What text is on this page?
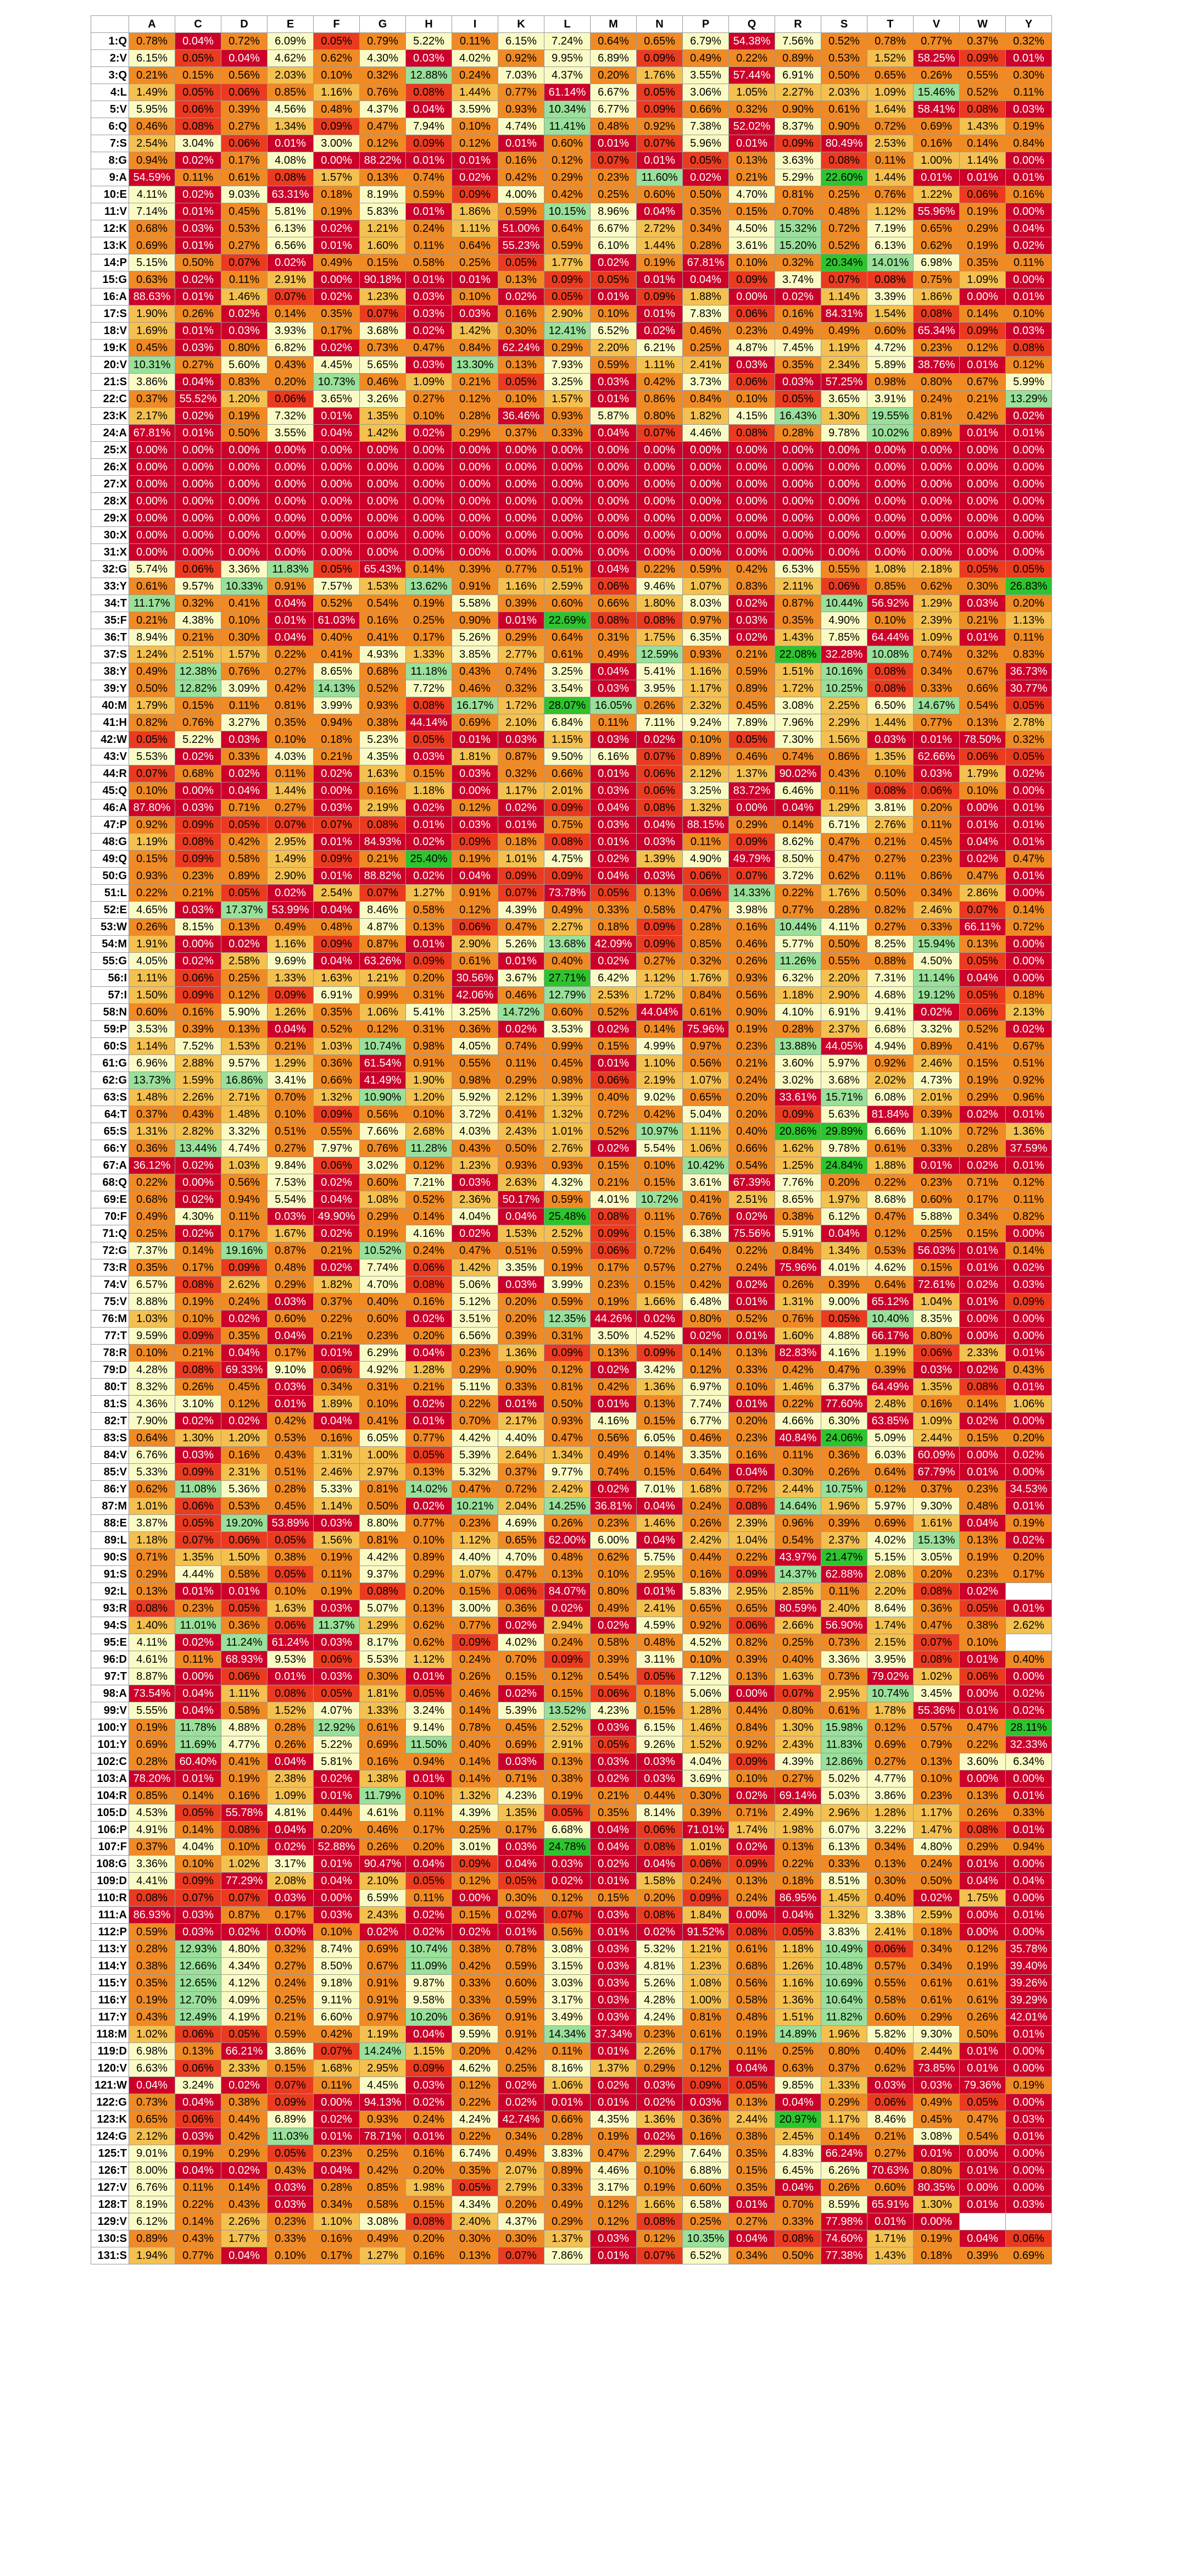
	A	C	D	E	F	G	H	I	K	L	M	N	P	Q	R	S	T	V	W	Y
1:Q	0.78%	0.04%	0.72%	6.09%	0.05%	0.79%	5.22%	0.11%	6.15%	7.24%	0.64%	0.65%	6.79%	54.38%	7.56%	0.52%	0.78%	0.77%	0.37%	0.32%
2:V	6.15%	0.05%	0.04%	4.62%	0.62%	4.30%	0.03%	4.02%	0.92%	9.95%	6.89%	0.09%	0.49%	0.22%	0.89%	0.53%	1.52%	58.25%	0.09%	0.01%
3:Q	0.21%	0.15%	0.56%	2.03%	0.10%	0.32%	12.88%	0.24%	7.03%	4.37%	0.20%	1.76%	3.55%	57.44%	6.91%	0.50%	0.65%	0.26%	0.55%	0.30%
4:L	1.49%	0.05%	0.06%	0.85%	1.16%	0.76%	0.08%	1.44%	0.77%	61.14%	6.67%	0.05%	3.06%	1.05%	2.27%	2.03%	1.09%	15.46%	0.52%	0.11%
5:V	5.95%	0.06%	0.39%	4.56%	0.48%	4.37%	0.04%	3.59%	0.93%	10.34%	6.77%	0.09%	0.66%	0.32%	0.90%	0.61%	1.64%	58.41%	0.08%	0.03%
6:Q	0.46%	0.08%	0.27%	1.34%	0.09%	0.47%	7.94%	0.10%	4.74%	11.41%	0.48%	0.92%	7.38%	52.02%	8.37%	0.90%	0.72%	0.69%	1.43%	0.19%
7:S	2.54%	3.04%	0.06%	0.01%	3.00%	0.12%	0.09%	0.12%	0.01%	0.60%	0.01%	0.07%	5.96%	0.01%	0.09%	80.49%	2.53%	0.16%	0.14%	0.84%
8:G	0.94%	0.02%	0.17%	4.08%	0.00%	88.22%	0.01%	0.01%	0.16%	0.12%	0.07%	0.01%	0.05%	0.13%	3.63%	0.08%	0.11%	1.00%	1.14%	0.00%
9:A	54.59%	0.11%	0.61%	0.08%	1.57%	0.13%	0.74%	0.02%	0.42%	0.29%	0.23%	11.60%	0.02%	0.21%	5.29%	22.60%	1.44%	0.01%	0.01%	0.01%
10:E	4.11%	0.02%	9.03%	63.31%	0.18%	8.19%	0.59%	0.09%	4.00%	0.42%	0.25%	0.60%	0.50%	4.70%	0.81%	0.25%	0.76%	1.22%	0.06%	0.16%
11:V	7.14%	0.01%	0.45%	5.81%	0.19%	5.83%	0.01%	1.86%	0.59%	10.15%	8.96%	0.04%	0.35%	0.15%	0.70%	0.48%	1.12%	55.96%	0.19%	0.00%
12:K	0.68%	0.03%	0.53%	6.13%	0.02%	1.21%	0.24%	1.11%	51.00%	0.64%	6.67%	2.72%	0.34%	4.50%	15.32%	0.72%	7.19%	0.65%	0.29%	0.04%
13:K	0.69%	0.01%	0.27%	6.56%	0.01%	1.60%	0.11%	0.64%	55.23%	0.59%	6.10%	1.44%	0.28%	3.61%	15.20%	0.52%	6.13%	0.62%	0.19%	0.02%
14:P	5.15%	0.50%	0.07%	0.02%	0.49%	0.15%	0.58%	0.25%	0.05%	1.77%	0.02%	0.19%	67.81%	0.10%	0.32%	20.34%	14.01%	6.98%	0.35%	0.11%
15:G	0.63%	0.02%	0.11%	2.91%	0.00%	90.18%	0.01%	0.01%	0.13%	0.09%	0.05%	0.01%	0.04%	0.09%	3.74%	0.07%	0.08%	0.75%	1.09%	0.00%
16:A	88.63%	0.01%	1.46%	0.07%	0.02%	1.23%	0.03%	0.10%	0.02%	0.05%	0.01%	0.09%	1.88%	0.00%	0.02%	1.14%	3.39%	1.86%	0.00%	0.01%
17:S	1.90%	0.26%	0.02%	0.14%	0.35%	0.07%	0.03%	0.03%	0.16%	2.90%	0.10%	0.01%	7.83%	0.06%	0.16%	84.31%	1.54%	0.08%	0.14%	0.10%
18:V	1.69%	0.01%	0.03%	3.93%	0.17%	3.68%	0.02%	1.42%	0.30%	12.41%	6.52%	0.02%	0.46%	0.23%	0.49%	0.49%	0.60%	65.34%	0.09%	0.03%
19:K	0.45%	0.03%	0.80%	6.82%	0.02%	0.73%	0.47%	0.84%	62.24%	0.29%	2.20%	6.21%	0.25%	4.87%	7.45%	1.19%	4.72%	0.23%	0.12%	0.08%
20:V	10.31%	0.27%	5.60%	0.43%	4.45%	5.65%	0.03%	13.30%	0.13%	7.93%	0.59%	1.11%	2.41%	0.03%	0.35%	2.34%	5.89%	38.76%	0.01%	0.12%
21:S	3.86%	0.04%	0.83%	0.20%	10.73%	0.46%	1.09%	0.21%	0.05%	3.25%	0.03%	0.42%	3.73%	0.06%	0.03%	57.25%	0.98%	0.80%	0.67%	5.99%
22:C	0.37%	55.52%	1.20%	0.06%	3.65%	3.26%	0.27%	0.12%	0.10%	1.57%	0.01%	0.86%	0.84%	0.10%	0.05%	3.65%	3.91%	0.24%	0.21%	13.29%
23:K	2.17%	0.02%	0.19%	7.32%	0.01%	1.35%	0.10%	0.28%	36.46%	0.93%	5.87%	0.80%	1.82%	4.15%	16.43%	1.30%	19.55%	0.81%	0.42%	0.02%
24:A	67.81%	0.01%	0.50%	3.55%	0.04%	1.42%	0.02%	0.29%	0.37%	0.33%	0.04%	0.07%	4.46%	0.08%	0.28%	9.78%	10.02%	0.89%	0.01%	0.01%
25:X	0.00%	0.00%	0.00%	0.00%	0.00%	0.00%	0.00%	0.00%	0.00%	0.00%	0.00%	0.00%	0.00%	0.00%	0.00%	0.00%	0.00%	0.00%	0.00%	0.00%
26:X	0.00%	0.00%	0.00%	0.00%	0.00%	0.00%	0.00%	0.00%	0.00%	0.00%	0.00%	0.00%	0.00%	0.00%	0.00%	0.00%	0.00%	0.00%	0.00%	0.00%
27:X	0.00%	0.00%	0.00%	0.00%	0.00%	0.00%	0.00%	0.00%	0.00%	0.00%	0.00%	0.00%	0.00%	0.00%	0.00%	0.00%	0.00%	0.00%	0.00%	0.00%
28:X	0.00%	0.00%	0.00%	0.00%	0.00%	0.00%	0.00%	0.00%	0.00%	0.00%	0.00%	0.00%	0.00%	0.00%	0.00%	0.00%	0.00%	0.00%	0.00%	0.00%
29:X	0.00%	0.00%	0.00%	0.00%	0.00%	0.00%	0.00%	0.00%	0.00%	0.00%	0.00%	0.00%	0.00%	0.00%	0.00%	0.00%	0.00%	0.00%	0.00%	0.00%
30:X	0.00%	0.00%	0.00%	0.00%	0.00%	0.00%	0.00%	0.00%	0.00%	0.00%	0.00%	0.00%	0.00%	0.00%	0.00%	0.00%	0.00%	0.00%	0.00%	0.00%
31:X	0.00%	0.00%	0.00%	0.00%	0.00%	0.00%	0.00%	0.00%	0.00%	0.00%	0.00%	0.00%	0.00%	0.00%	0.00%	0.00%	0.00%	0.00%	0.00%	0.00%
32:G	5.74%	0.06%	3.36%	11.83%	0.05%	65.43%	0.14%	0.39%	0.77%	0.51%	0.04%	0.22%	0.59%	0.42%	6.53%	0.55%	1.08%	2.18%	0.05%	0.05%
33:Y	0.61%	9.57%	10.33%	0.91%	7.57%	1.53%	13.62%	0.91%	1.16%	2.59%	0.06%	9.46%	1.07%	0.83%	2.11%	0.06%	0.85%	0.62%	0.30%	26.83%
34:T	11.17%	0.32%	0.41%	0.04%	0.52%	0.54%	0.19%	5.58%	0.39%	0.60%	0.66%	1.80%	8.03%	0.02%	0.87%	10.44%	56.92%	1.29%	0.03%	0.20%
35:F	0.21%	4.38%	0.10%	0.01%	61.03%	0.16%	0.25%	0.90%	0.01%	22.69%	0.08%	0.08%	0.97%	0.03%	0.35%	4.90%	0.10%	2.39%	0.21%	1.13%
36:T	8.94%	0.21%	0.30%	0.04%	0.40%	0.41%	0.17%	5.26%	0.29%	0.64%	0.31%	1.75%	6.35%	0.02%	1.43%	7.85%	64.44%	1.09%	0.01%	0.11%
37:S	1.24%	2.51%	1.57%	0.22%	0.41%	4.93%	1.33%	3.85%	2.77%	0.61%	0.49%	12.59%	0.93%	0.21%	22.08%	32.28%	10.08%	0.74%	0.32%	0.83%
38:Y	0.49%	12.38%	0.76%	0.27%	8.65%	0.68%	11.18%	0.43%	0.74%	3.25%	0.04%	5.41%	1.16%	0.59%	1.51%	10.16%	0.08%	0.34%	0.67%	36.73%
39:Y	0.50%	12.82%	3.09%	0.42%	14.13%	0.52%	7.72%	0.46%	0.32%	3.54%	0.03%	3.95%	1.17%	0.89%	1.72%	10.25%	0.08%	0.33%	0.66%	30.77%
40:M	1.79%	0.15%	0.11%	0.81%	3.99%	0.93%	0.08%	16.17%	1.72%	28.07%	16.05%	0.26%	2.32%	0.45%	3.08%	2.25%	6.50%	14.67%	0.54%	0.05%
41:H	0.82%	0.76%	3.27%	0.35%	0.94%	0.38%	44.14%	0.69%	2.10%	6.84%	0.11%	7.11%	9.24%	7.89%	7.96%	2.29%	1.44%	0.77%	0.13%	2.78%
42:W	0.05%	5.22%	0.03%	0.10%	0.18%	5.23%	0.05%	0.01%	0.03%	1.15%	0.03%	0.02%	0.10%	0.05%	7.30%	1.56%	0.03%	0.01%	78.50%	0.32%
43:V	5.53%	0.02%	0.33%	4.03%	0.21%	4.35%	0.03%	1.81%	0.87%	9.50%	6.16%	0.07%	0.89%	0.46%	0.74%	0.86%	1.35%	62.66%	0.06%	0.05%
44:R	0.07%	0.68%	0.02%	0.11%	0.02%	1.63%	0.15%	0.03%	0.32%	0.66%	0.01%	0.06%	2.12%	1.37%	90.02%	0.43%	0.10%	0.03%	1.79%	0.02%
45:Q	0.10%	0.00%	0.04%	1.44%	0.00%	0.16%	1.18%	0.00%	1.17%	2.01%	0.03%	0.06%	3.25%	83.72%	6.46%	0.11%	0.08%	0.06%	0.10%	0.00%
46:A	87.80%	0.03%	0.71%	0.27%	0.03%	2.19%	0.02%	0.12%	0.02%	0.09%	0.04%	0.08%	1.32%	0.00%	0.04%	1.29%	3.81%	0.20%	0.00%	0.01%
47:P	0.92%	0.09%	0.05%	0.07%	0.07%	0.08%	0.01%	0.03%	0.01%	0.75%	0.03%	0.04%	88.15%	0.29%	0.14%	6.71%	2.76%	0.11%	0.01%	0.01%
48:G	1.19%	0.08%	0.42%	2.95%	0.01%	84.93%	0.02%	0.09%	0.18%	0.08%	0.01%	0.03%	0.11%	0.09%	8.62%	0.47%	0.21%	0.45%	0.04%	0.01%
49:Q	0.15%	0.09%	0.58%	1.49%	0.09%	0.21%	25.40%	0.19%	1.01%	4.75%	0.02%	1.39%	4.90%	49.79%	8.50%	0.47%	0.27%	0.23%	0.02%	0.47%
50:G	0.93%	0.23%	0.89%	2.90%	0.01%	88.82%	0.02%	0.04%	0.09%	0.09%	0.04%	0.03%	0.06%	0.07%	3.72%	0.62%	0.11%	0.86%	0.47%	0.01%
51:L	0.22%	0.21%	0.05%	0.02%	2.54%	0.07%	1.27%	0.91%	0.07%	73.78%	0.05%	0.13%	0.06%	14.33%	0.22%	1.76%	0.50%	0.34%	2.86%	0.00%
52:E	4.65%	0.03%	17.37%	53.99%	0.04%	8.46%	0.58%	0.12%	4.39%	0.49%	0.33%	0.58%	0.47%	3.98%	0.77%	0.28%	0.82%	2.46%	0.07%	0.14%
53:W	0.26%	8.15%	0.13%	0.49%	0.48%	4.87%	0.13%	0.06%	0.47%	2.27%	0.18%	0.09%	0.28%	0.16%	10.44%	4.11%	0.27%	0.33%	66.11%	0.72%
54:M	1.91%	0.00%	0.02%	1.16%	0.09%	0.87%	0.01%	2.90%	5.26%	13.68%	42.09%	0.09%	0.85%	0.46%	5.77%	0.50%	8.25%	15.94%	0.13%	0.00%
55:G	4.05%	0.02%	2.58%	9.69%	0.04%	63.26%	0.09%	0.61%	0.01%	0.40%	0.02%	0.27%	0.32%	0.26%	11.26%	0.55%	0.88%	4.50%	0.05%	0.00%
56:I	1.11%	0.06%	0.25%	1.33%	1.63%	1.21%	0.20%	30.56%	3.67%	27.71%	6.42%	1.12%	1.76%	0.93%	6.32%	2.20%	7.31%	11.14%	0.04%	0.00%
57:I	1.50%	0.09%	0.12%	0.09%	6.91%	0.99%	0.31%	42.06%	0.46%	12.79%	2.53%	1.72%	0.84%	0.56%	1.18%	2.90%	4.68%	19.12%	0.05%	0.18%
58:N	0.60%	0.16%	5.90%	1.26%	0.35%	1.06%	5.41%	3.25%	14.72%	0.60%	0.52%	44.04%	0.61%	0.90%	4.10%	6.91%	9.41%	0.02%	0.06%	2.13%
59:P	3.53%	0.39%	0.13%	0.04%	0.52%	0.12%	0.31%	0.36%	0.02%	3.53%	0.02%	0.14%	75.96%	0.19%	0.28%	2.37%	6.68%	3.32%	0.52%	0.02%
60:S	1.14%	7.52%	1.53%	0.21%	1.03%	10.74%	0.98%	4.05%	0.74%	0.99%	0.15%	4.99%	0.97%	0.23%	13.88%	44.05%	4.94%	0.89%	0.41%	0.67%
61:G	6.96%	2.88%	9.57%	1.29%	0.36%	61.54%	0.91%	0.55%	0.11%	0.45%	0.01%	1.10%	0.56%	0.21%	3.60%	5.97%	0.92%	2.46%	0.15%	0.51%
62:G	13.73%	1.59%	16.86%	3.41%	0.66%	41.49%	1.90%	0.98%	0.29%	0.98%	0.06%	2.19%	1.07%	0.24%	3.02%	3.68%	2.02%	4.73%	0.19%	0.92%
63:S	1.48%	2.26%	2.71%	0.70%	1.32%	10.90%	1.20%	5.92%	2.12%	1.39%	0.40%	9.02%	0.65%	0.20%	33.61%	15.71%	6.08%	2.01%	0.29%	0.96%
64:T	0.37%	0.43%	1.48%	0.10%	0.09%	0.56%	0.10%	3.72%	0.41%	1.32%	0.72%	0.42%	5.04%	0.20%	0.09%	5.63%	81.84%	0.39%	0.02%	0.01%
65:S	1.31%	2.82%	3.32%	0.51%	0.55%	7.66%	2.68%	4.03%	2.43%	1.01%	0.52%	10.97%	1.11%	0.40%	20.86%	29.89%	6.66%	1.10%	0.72%	1.36%
66:Y	0.36%	13.44%	4.74%	0.27%	7.97%	0.76%	11.28%	0.43%	0.50%	2.76%	0.02%	5.54%	1.06%	0.66%	1.62%	9.78%	0.61%	0.33%	0.28%	37.59%
67:A	36.12%	0.02%	1.03%	9.84%	0.06%	3.02%	0.12%	1.23%	0.93%	0.93%	0.15%	0.10%	10.42%	0.54%	1.25%	24.84%	1.88%	0.01%	0.02%	0.01%
68:Q	0.22%	0.00%	0.56%	7.53%	0.02%	0.60%	7.21%	0.03%	2.63%	4.32%	0.21%	0.15%	3.61%	67.39%	7.76%	0.20%	0.22%	0.23%	0.71%	0.12%
69:E	0.68%	0.02%	0.94%	5.54%	0.04%	1.08%	0.52%	2.36%	50.17%	0.59%	4.01%	10.72%	0.41%	2.51%	8.65%	1.97%	8.68%	0.60%	0.17%	0.11%
70:F	0.49%	4.30%	0.11%	0.03%	49.90%	0.29%	0.14%	4.04%	0.04%	25.48%	0.08%	0.11%	0.76%	0.02%	0.38%	6.12%	0.47%	5.88%	0.34%	0.82%
71:Q	0.25%	0.02%	0.17%	1.67%	0.02%	0.19%	4.16%	0.02%	1.53%	2.52%	0.09%	0.15%	6.38%	75.56%	5.91%	0.04%	0.12%	0.25%	0.15%	0.00%
72:G	7.37%	0.14%	19.16%	0.87%	0.21%	10.52%	0.24%	0.47%	0.51%	0.59%	0.06%	0.72%	0.64%	0.22%	0.84%	1.34%	0.53%	56.03%	0.01%	0.14%
73:R	0.35%	0.17%	0.09%	0.48%	0.02%	7.74%	0.06%	1.42%	3.35%	0.19%	0.17%	0.57%	0.27%	0.24%	75.96%	4.01%	4.62%	0.15%	0.01%	0.02%
74:V	6.57%	0.08%	2.62%	0.29%	1.82%	4.70%	0.08%	5.06%	0.03%	3.99%	0.23%	0.15%	0.42%	0.02%	0.26%	0.39%	0.64%	72.61%	0.02%	0.03%
75:V	8.88%	0.19%	0.24%	0.03%	0.37%	0.40%	0.16%	5.12%	0.20%	0.59%	0.19%	1.66%	6.48%	0.01%	1.31%	9.00%	65.12%	1.04%	0.01%	0.09%
76:M	1.03%	0.10%	0.02%	0.60%	0.22%	0.60%	0.02%	3.51%	0.20%	12.35%	44.26%	0.02%	0.80%	0.52%	0.76%	0.05%	10.40%	8.35%	0.00%	0.00%
77:T	9.59%	0.09%	0.35%	0.04%	0.21%	0.23%	0.20%	6.56%	0.39%	0.31%	3.50%	4.52%	0.02%	0.01%	1.60%	4.88%	66.17%	0.80%	0.00%	0.00%
78:R	0.10%	0.21%	0.04%	0.17%	0.01%	6.29%	0.04%	0.23%	1.36%	0.09%	0.13%	0.09%	0.14%	0.13%	82.83%	4.16%	1.19%	0.06%	2.33%	0.01%
79:D	4.28%	0.08%	69.33%	9.10%	0.06%	4.92%	1.28%	0.29%	0.90%	0.12%	0.02%	3.42%	0.12%	0.33%	0.42%	0.47%	0.39%	0.03%	0.02%	0.43%
80:T	8.32%	0.26%	0.45%	0.03%	0.34%	0.31%	0.21%	5.11%	0.33%	0.81%	0.42%	1.36%	6.97%	0.10%	1.46%	6.37%	64.49%	1.35%	0.08%	0.01%
81:S	4.36%	3.10%	0.12%	0.01%	1.89%	0.10%	0.02%	0.22%	0.01%	0.50%	0.01%	0.13%	7.74%	0.01%	0.22%	77.60%	2.48%	0.16%	0.14%	1.06%
82:T	7.90%	0.02%	0.02%	0.42%	0.04%	0.41%	0.01%	0.70%	2.17%	0.93%	4.16%	0.15%	6.77%	0.20%	4.66%	6.30%	63.85%	1.09%	0.02%	0.00%
83:S	0.64%	1.30%	1.20%	0.53%	0.16%	6.05%	0.77%	4.42%	4.40%	0.47%	0.56%	6.05%	0.46%	0.23%	40.84%	24.06%	5.09%	2.44%	0.15%	0.20%
84:V	6.76%	0.03%	0.16%	0.43%	1.31%	1.00%	0.05%	5.39%	2.64%	1.34%	0.49%	0.14%	3.35%	0.16%	0.11%	0.36%	6.03%	60.09%	0.00%	0.02%
85:V	5.33%	0.09%	2.31%	0.51%	2.46%	2.97%	0.13%	5.32%	0.37%	9.77%	0.74%	0.15%	0.64%	0.04%	0.30%	0.26%	0.64%	67.79%	0.01%	0.00%
86:Y	0.62%	11.08%	5.36%	0.28%	5.33%	0.81%	14.02%	0.47%	0.72%	2.42%	0.02%	7.01%	1.68%	0.72%	2.44%	10.75%	0.12%	0.37%	0.23%	34.53%
87:M	1.01%	0.06%	0.53%	0.45%	1.14%	0.50%	0.02%	10.21%	2.04%	14.25%	36.81%	0.04%	0.24%	0.08%	14.64%	1.96%	5.97%	9.30%	0.48%	0.01%
88:E	3.87%	0.05%	19.20%	53.89%	0.03%	8.80%	0.77%	0.23%	4.69%	0.26%	0.23%	1.46%	0.26%	2.39%	0.96%	0.39%	0.69%	1.61%	0.04%	0.19%
89:L	1.18%	0.07%	0.06%	0.05%	1.56%	0.81%	0.10%	1.12%	0.65%	62.00%	6.00%	0.04%	2.42%	1.04%	0.54%	2.37%	4.02%	15.13%	0.13%	0.02%
90:S	0.71%	1.35%	1.50%	0.38%	0.19%	4.42%	0.89%	4.40%	4.70%	0.48%	0.62%	5.75%	0.44%	0.22%	43.97%	21.47%	5.15%	3.05%	0.19%	0.20%
91:S	0.29%	4.44%	0.58%	0.05%	0.11%	9.37%	0.29%	1.07%	0.47%	0.13%	0.10%	2.95%	0.16%	0.09%	14.37%	62.88%	2.08%	0.20%	0.23%	0.17%
92:L	0.13%	0.01%	0.01%	0.10%	0.19%	0.08%	0.20%	0.15%	0.06%	84.07%	0.80%	0.01%	5.83%	2.95%	2.85%	0.11%	2.20%	0.08%	0.02%	
93:R	0.08%	0.23%	0.05%	1.63%	0.03%	5.07%	0.13%	3.00%	0.36%	0.02%	0.49%	2.41%	0.65%	0.65%	80.59%	2.40%	8.64%	0.36%	0.05%	0.01%
94:S	1.40%	11.01%	0.36%	0.06%	11.37%	1.29%	0.62%	0.77%	0.02%	2.94%	0.02%	4.59%	0.92%	0.06%	2.66%	56.90%	1.74%	0.47%	0.38%	2.62%
95:E	4.11%	0.02%	11.24%	61.24%	0.03%	8.17%	0.62%	0.09%	4.02%	0.24%	0.58%	0.48%	4.52%	0.82%	0.25%	0.73%	2.15%	0.07%	0.10%	
96:D	4.61%	0.11%	68.93%	9.53%	0.06%	5.53%	1.12%	0.24%	0.70%	0.09%	0.39%	3.11%	0.10%	0.39%	0.40%	3.36%	3.95%	0.08%	0.01%	0.40%
97:T	8.87%	0.00%	0.06%	0.01%	0.03%	0.30%	0.01%	0.26%	0.15%	0.12%	0.54%	0.05%	7.12%	0.13%	1.63%	0.73%	79.02%	1.02%	0.06%	0.00%
98:A	73.54%	0.04%	1.11%	0.08%	0.05%	1.81%	0.05%	0.46%	0.02%	0.15%	0.06%	0.18%	5.06%	0.00%	0.07%	2.95%	10.74%	3.45%	0.00%	0.02%
99:V	5.55%	0.04%	0.58%	1.52%	4.07%	1.33%	3.24%	0.14%	5.39%	13.52%	4.23%	0.15%	1.28%	0.44%	0.80%	0.61%	1.78%	55.36%	0.01%	0.02%
100:Y	0.19%	11.78%	4.88%	0.28%	12.92%	0.61%	9.14%	0.78%	0.45%	2.52%	0.03%	6.15%	1.46%	0.84%	1.30%	15.98%	0.12%	0.57%	0.47%	28.11%
101:Y	0.69%	11.69%	4.77%	0.26%	5.22%	0.69%	11.50%	0.40%	0.69%	2.91%	0.05%	9.26%	1.52%	0.92%	2.43%	11.83%	0.69%	0.79%	0.22%	32.33%
102:C	0.28%	60.40%	0.41%	0.04%	5.81%	0.16%	0.94%	0.14%	0.03%	0.13%	0.03%	0.03%	4.04%	0.09%	4.39%	12.86%	0.27%	0.13%	3.60%	6.34%
103:A	78.20%	0.01%	0.19%	2.38%	0.02%	1.38%	0.01%	0.14%	0.71%	0.38%	0.02%	0.03%	3.69%	0.10%	0.27%	5.02%	4.77%	0.10%	0.00%	0.00%
104:R	0.85%	0.14%	0.16%	1.09%	0.01%	11.79%	0.10%	1.32%	4.23%	0.19%	0.21%	0.44%	0.30%	0.02%	69.14%	5.03%	3.86%	0.23%	0.13%	0.01%
105:D	4.53%	0.05%	55.78%	4.81%	0.44%	4.61%	0.11%	4.39%	1.35%	0.05%	0.35%	8.14%	0.39%	0.71%	2.49%	2.96%	1.28%	1.17%	0.26%	0.33%
106:P	4.91%	0.14%	0.08%	0.04%	0.20%	0.46%	0.17%	0.25%	0.17%	6.68%	0.04%	0.06%	71.01%	1.74%	1.98%	6.07%	3.22%	1.47%	0.08%	0.01%
107:F	0.37%	4.04%	0.10%	0.02%	52.88%	0.26%	0.20%	3.01%	0.03%	24.78%	0.04%	0.08%	1.01%	0.02%	0.13%	6.13%	0.34%	4.80%	0.29%	0.94%
108:G	3.36%	0.10%	1.02%	3.17%	0.01%	90.47%	0.04%	0.09%	0.04%	0.03%	0.02%	0.04%	0.06%	0.09%	0.22%	0.33%	0.13%	0.24%	0.01%	0.00%
109:D	4.41%	0.09%	77.29%	2.08%	0.04%	2.10%	0.05%	0.12%	0.05%	0.02%	0.01%	1.58%	0.24%	0.13%	0.18%	8.51%	0.30%	0.50%	0.04%	0.04%
110:R	0.08%	0.07%	0.07%	0.03%	0.00%	6.59%	0.11%	0.00%	0.30%	0.12%	0.15%	0.20%	0.09%	0.24%	86.95%	1.45%	0.40%	0.02%	1.75%	0.00%
111:A	86.93%	0.03%	0.87%	0.17%	0.03%	2.43%	0.02%	0.15%	0.02%	0.07%	0.03%	0.08%	1.84%	0.00%	0.04%	1.32%	3.38%	2.59%	0.00%	0.01%
112:P	0.59%	0.03%	0.02%	0.00%	0.10%	0.02%	0.02%	0.02%	0.01%	0.56%	0.01%	0.02%	91.52%	0.08%	0.05%	3.83%	2.41%	0.18%	0.00%	0.00%
113:Y	0.28%	12.93%	4.80%	0.32%	8.74%	0.69%	10.74%	0.38%	0.78%	3.08%	0.03%	5.32%	1.21%	0.61%	1.18%	10.49%	0.06%	0.34%	0.12%	35.78%
114:Y	0.38%	12.66%	4.34%	0.27%	8.50%	0.67%	11.09%	0.42%	0.59%	3.15%	0.03%	4.81%	1.23%	0.68%	1.26%	10.48%	0.57%	0.34%	0.19%	39.40%
115:Y	0.35%	12.65%	4.12%	0.24%	9.18%	0.91%	9.87%	0.33%	0.60%	3.03%	0.03%	5.26%	1.08%	0.56%	1.16%	10.69%	0.55%	0.61%	0.61%	39.26%
116:Y	0.19%	12.70%	4.09%	0.25%	9.11%	0.91%	9.58%	0.33%	0.59%	3.17%	0.03%	4.28%	1.00%	0.58%	1.36%	10.64%	0.58%	0.61%	0.61%	39.29%
117:Y	0.43%	12.49%	4.19%	0.21%	6.60%	0.97%	10.20%	0.36%	0.91%	3.49%	0.03%	4.24%	0.81%	0.48%	1.51%	11.82%	0.60%	0.29%	0.26%	42.01%
118:M	1.02%	0.06%	0.05%	0.59%	0.42%	1.19%	0.04%	9.59%	0.91%	14.34%	37.34%	0.23%	0.61%	0.19%	14.89%	1.96%	5.82%	9.30%	0.50%	0.01%
119:D	6.98%	0.13%	66.21%	3.86%	0.07%	14.24%	1.15%	0.20%	0.42%	0.11%	0.01%	2.26%	0.17%	0.11%	0.25%	0.80%	0.40%	2.44%	0.01%	0.00%
120:V	6.63%	0.06%	2.33%	0.15%	1.68%	2.95%	0.09%	4.62%	0.25%	8.16%	1.37%	0.29%	0.12%	0.04%	0.63%	0.37%	0.62%	73.85%	0.01%	0.00%
121:W	0.04%	3.24%	0.02%	0.07%	0.11%	4.45%	0.03%	0.12%	0.02%	1.06%	0.02%	0.03%	0.09%	0.05%	9.85%	1.33%	0.03%	0.03%	79.36%	0.19%
122:G	0.73%	0.04%	0.38%	0.09%	0.00%	94.13%	0.02%	0.22%	0.02%	0.01%	0.01%	0.02%	0.03%	0.13%	0.04%	0.29%	0.06%	0.49%	0.05%	0.00%
123:K	0.65%	0.06%	0.44%	6.89%	0.02%	0.93%	0.24%	4.24%	42.74%	0.66%	4.35%	1.36%	0.36%	2.44%	20.97%	1.17%	8.46%	0.45%	0.47%	0.03%
124:G	2.12%	0.03%	0.42%	11.03%	0.01%	78.71%	0.01%	0.22%	0.34%	0.28%	0.19%	0.02%	0.16%	0.38%	2.45%	0.14%	0.21%	3.08%	0.54%	0.01%
125:T	9.01%	0.19%	0.29%	0.05%	0.23%	0.25%	0.16%	6.74%	0.49%	3.83%	0.47%	2.29%	7.64%	0.35%	4.83%	66.24%	0.27%	0.01%	0.00%	0.00%
126:T	8.00%	0.04%	0.02%	0.43%	0.04%	0.42%	0.20%	0.35%	2.07%	0.89%	4.46%	0.10%	6.88%	0.15%	6.45%	6.26%	70.63%	0.80%	0.01%	0.00%
127:V	6.76%	0.11%	0.14%	0.03%	0.28%	0.85%	1.98%	0.05%	2.79%	0.33%	3.17%	0.19%	0.60%	0.35%	0.04%	0.26%	0.60%	80.35%	0.00%	0.00%
128:T	8.19%	0.22%	0.43%	0.03%	0.34%	0.58%	0.15%	4.34%	0.20%	0.49%	0.12%	1.66%	6.58%	0.01%	0.70%	8.59%	65.91%	1.30%	0.01%	0.03%
129:V	6.12%	0.14%	2.26%	0.23%	1.10%	3.08%	0.08%	2.40%	4.37%	0.29%	0.12%	0.08%	0.25%	0.27%	0.33%	77.98%	0.01%	0.00%		
130:S	0.89%	0.43%	1.77%	0.33%	0.16%	0.49%	0.20%	0.30%	0.30%	1.37%	0.03%	0.12%	10.35%	0.04%	0.08%	74.60%	1.71%	0.19%	0.04%	0.06%
131:S	1.94%	0.77%	0.04%	0.10%	0.17%	1.27%	0.16%	0.13%	0.07%	7.86%	0.01%	0.07%	6.52%	0.34%	0.50%	77.38%	1.43%	0.18%	0.39%	0.69%
